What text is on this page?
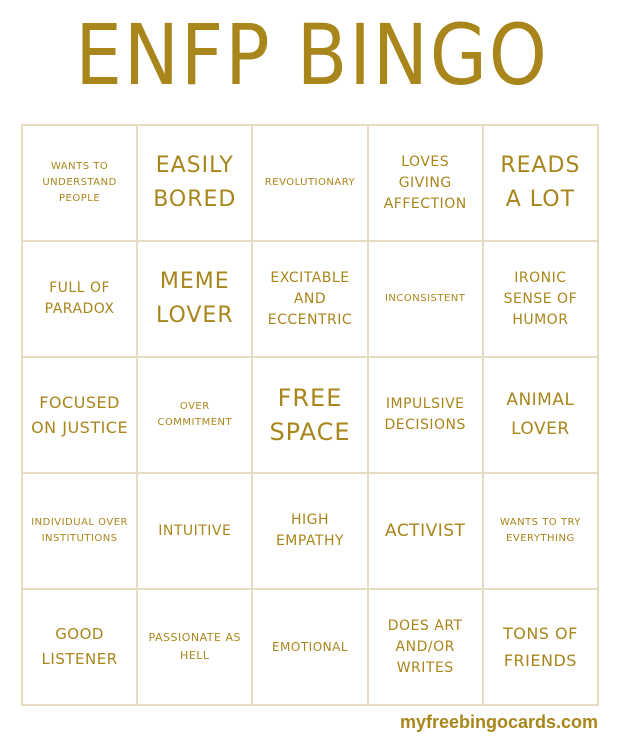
ENFP BINGO
WANTS TO UNDERSTAND PEOPLE
EASILY BORED
REVOLUTIONARY
LOVES GIVING AFFECTION
READS A LOT
FULL OF PARADOX
MEME LOVER
EXCITABLE AND ECCENTRIC
INCONSISTENT
IRONIC SENSE OF HUMOR
FOCUSED ON JUSTICE
OVER COMMITMENT
FREE SPACE
IMPULSIVE DECISIONS
ANIMAL LOVER
INDIVIDUAL OVER INSTITUTIONS	INTUITIVE
HIGH EMPATHY
ACTIVIST	WANTS TO TRY EVERYTHING
GOOD LISTENER
PASSIONATE AS HELL
EMOTIONAL
DOES ART AND/OR WRITES
TONS OF FRIENDS
myfreebingocards.com
